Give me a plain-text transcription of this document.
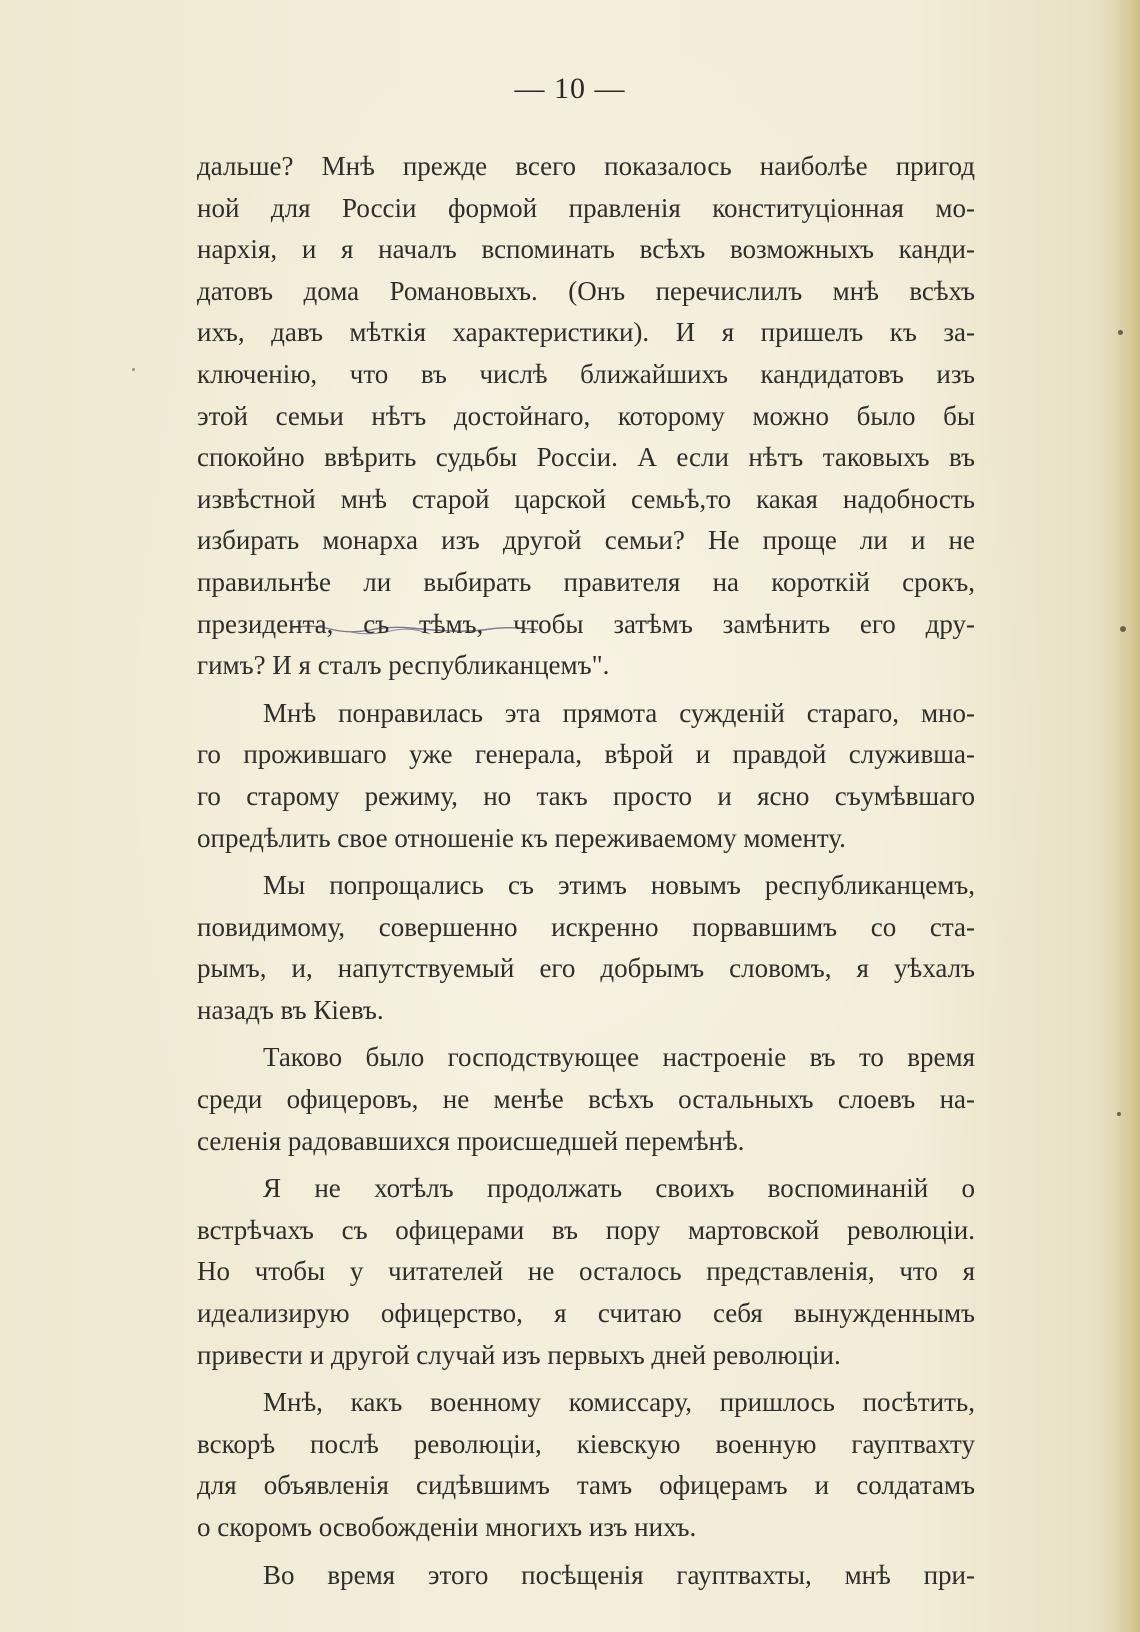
— 10 —
дальше? Мнѣ прежде всего показалось наиболѣе пригод
ной для Россіи формой правленія конституціонная мо-
нархія, и я началъ вспоминать всѣхъ возможныхъ канди-
датовъ дома Романовыхъ. (Онъ перечислилъ мнѣ всѣхъ
ихъ, давъ мѣткія характеристики). И я пришелъ къ за-
ключенію, что въ числѣ ближайшихъ кандидатовъ изъ
этой семьи нѣтъ достойнаго, которому можно было бы
спокойно ввѣрить судьбы Россіи. А если нѣтъ таковыхъ въ
извѣстной мнѣ старой царской семьѣ,то какая надобность
избирать монарха изъ другой семьи? Не проще ли и не
правильнѣе ли выбирать правителя на короткій срокъ,
президента, съ тѣмъ, чтобы затѣмъ замѣнить его дру-
гимъ? И я сталъ республиканцемъ".
Мнѣ понравилась эта прямота сужденій стараго, мно-
го прожившаго уже генерала, вѣрой и правдой служивша-
го старому режиму, но такъ просто и ясно съумѣвшаго
опредѣлить свое отношеніе къ переживаемому моменту.
Мы попрощались съ этимъ новымъ республиканцемъ,
повидимому, совершенно искренно порвавшимъ со ста-
рымъ, и, напутствуемый его добрымъ словомъ, я уѣхалъ
назадъ въ Кіевъ.
Таково было господствующее настроеніе въ то время
среди офицеровъ, не менѣе всѣхъ остальныхъ слоевъ на-
селенія радовавшихся происшедшей перемѣнѣ.
Я не хотѣлъ продолжать своихъ воспоминаній о
встрѣчахъ съ офицерами въ пору мартовской революціи.
Но чтобы у читателей не осталось представленія, что я
идеализирую офицерство, я считаю себя вынужденнымъ
привести и другой случай изъ первыхъ дней революціи.
Мнѣ, какъ военному комиссару, пришлось посѣтить,
вскорѣ послѣ революціи, кіевскую военную гауптвахту
для объявленія сидѣвшимъ тамъ офицерамъ и солдатамъ
о скоромъ освобожденіи многихъ изъ нихъ.
Во время этого посѣщенія гауптвахты, мнѣ при-
